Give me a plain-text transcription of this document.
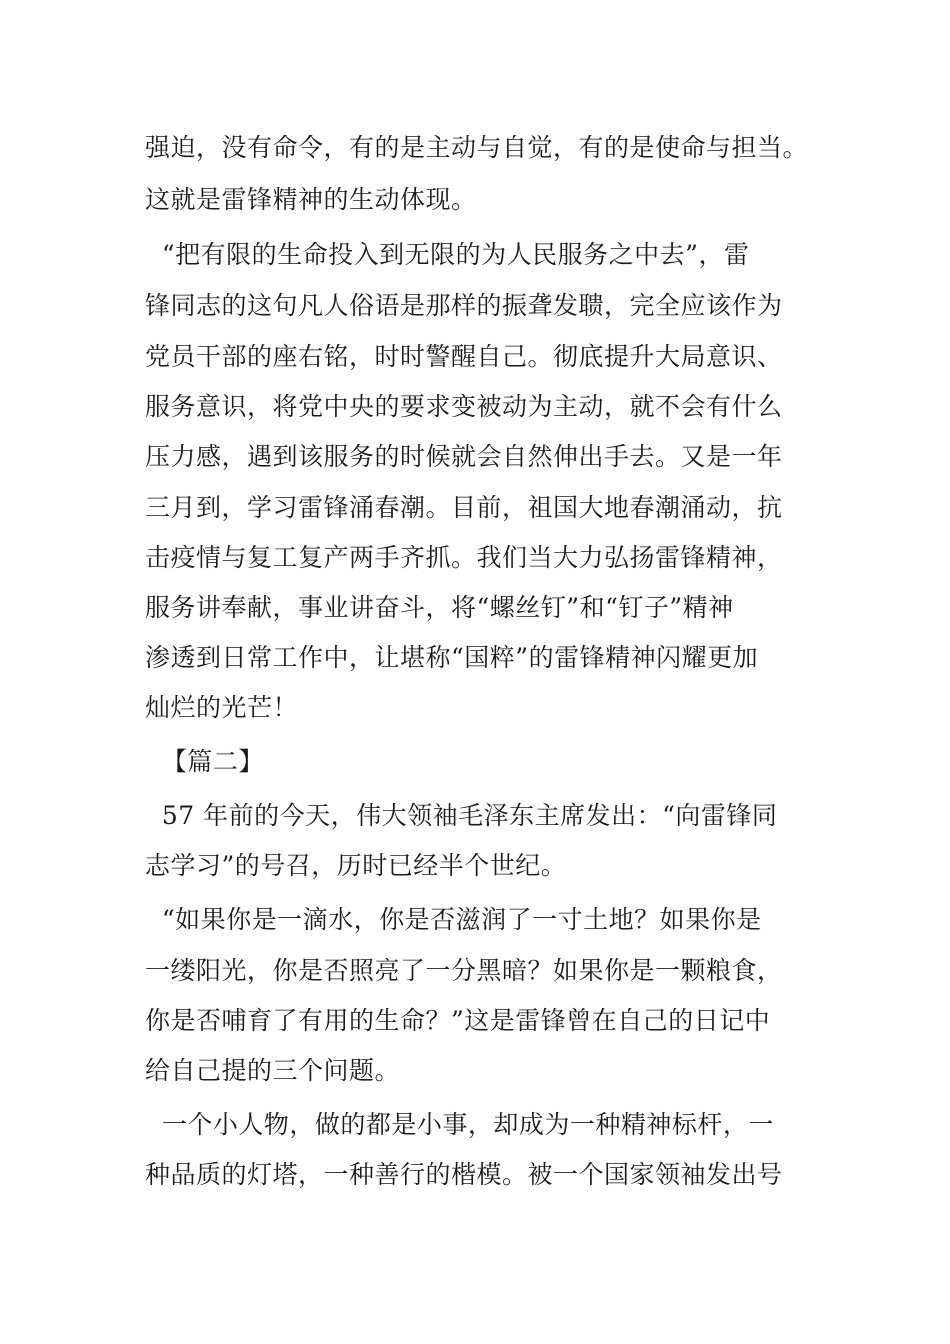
强迫，没有命令，有的是主动与自觉，有的是使命与担当。
这就是雷锋精神的生动体现。
“把有限的生命投入到无限的为人民服务之中去”，雷
锋同志的这句凡人俗语是那样的振聋发聩，完全应该作为
党员干部的座右铭，时时警醒自己。彻底提升大局意识、
服务意识，将党中央的要求变被动为主动，就不会有什么
压力感，遇到该服务的时候就会自然伸出手去。又是一年
三月到，学习雷锋涌春潮。目前，祖国大地春潮涌动，抗
击疫情与复工复产两手齐抓。我们当大力弘扬雷锋精神，
服务讲奉献，事业讲奋斗，将“螺丝钉”和“钉子”精神
渗透到日常工作中，让堪称“国粹”的雷锋精神闪耀更加
灿烂的光芒！
【篇二】
57 年前的今天，伟大领袖毛泽东主席发出：“向雷锋同
志学习”的号召，历时已经半个世纪。
“如果你是一滴水，你是否滋润了一寸土地？如果你是
一缕阳光，你是否照亮了一分黑暗？如果你是一颗粮食，
你是否哺育了有用的生命？”这是雷锋曾在自己的日记中
给自己提的三个问题。
一个小人物，做的都是小事，却成为一种精神标杆，一
种品质的灯塔，一种善行的楷模。被一个国家领袖发出号
